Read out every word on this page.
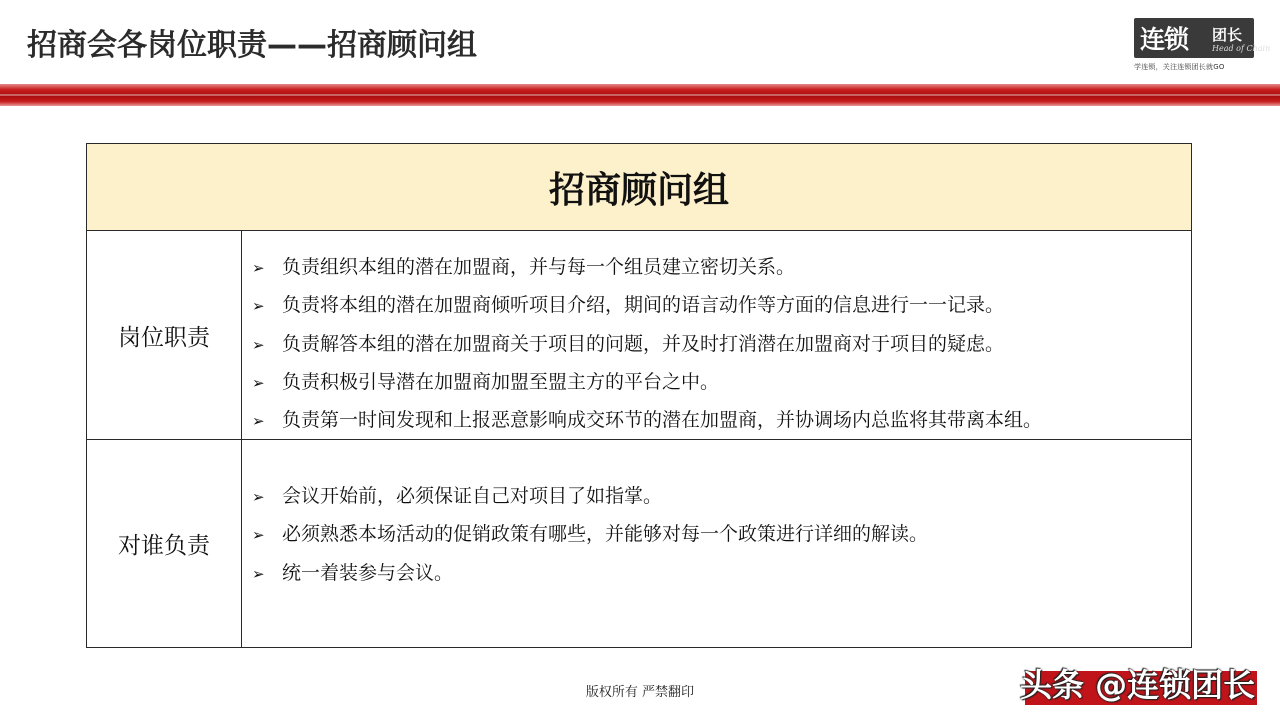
招商会各岗位职责——招商顾问组	连锁 团长
Head of Chain
学连锁，关注连锁团长就GO
招商顾问组
岗位职责
➢ 负责组织本组的潜在加盟商，并与每一个组员建立密切关系。
➢ 负责将本组的潜在加盟商倾听项目介绍，期间的语言动作等方面的信息进行一一记录。
➢ 负责解答本组的潜在加盟商关于项目的问题，并及时打消潜在加盟商对于项目的疑虑。
➢ 负责积极引导潜在加盟商加盟至盟主方的平台之中。
➢ 负责第一时间发现和上报恶意影响成交环节的潜在加盟商，并协调场内总监将其带离本组。
对谁负责
➢ 会议开始前，必须保证自己对项目了如指掌。
➢ 必须熟悉本场活动的促销政策有哪些，并能够对每一个政策进行详细的解读。
➢ 统一着装参与会议。
版权所有 严禁翻印	头条 @连锁团长
